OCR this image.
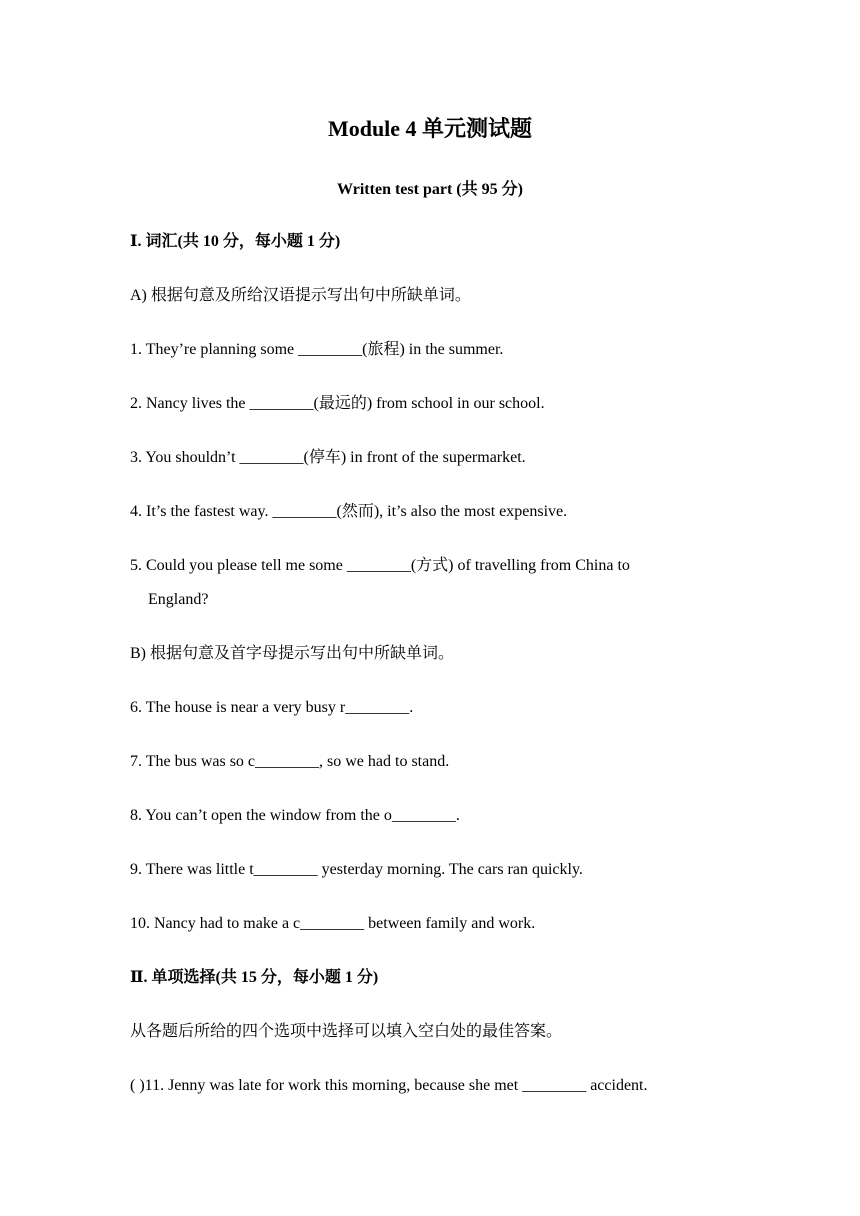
Module 4 单元测试题
Written test part (共 95 分)
Ⅰ. 词汇(共 10 分，每小题 1 分)
A) 根据句意及所给汉语提示写出句中所缺单词。
1. They’re planning some ________(旅程) in the summer.
2. Nancy lives the ________(最远的) from school in our school.
3. You shouldn’t ________(停车) in front of the supermarket.
4. It’s the fastest way. ________(然而), it’s also the most expensive.
5. Could you please tell me some ________(方式) of travelling from China to
England?
B) 根据句意及首字母提示写出句中所缺单词。
6. The house is near a very busy r________.
7. The bus was so c________, so we had to stand.
8. You can’t open the window from the o________.
9. There was little t________ yesterday morning. The cars ran quickly.
10. Nancy had to make a c________ between family and work.
Ⅱ. 单项选择(共 15 分，每小题 1 分)
从各题后所给的四个选项中选择可以填入空白处的最佳答案。
( )11. Jenny was late for work this morning, because she met ________ accident.
